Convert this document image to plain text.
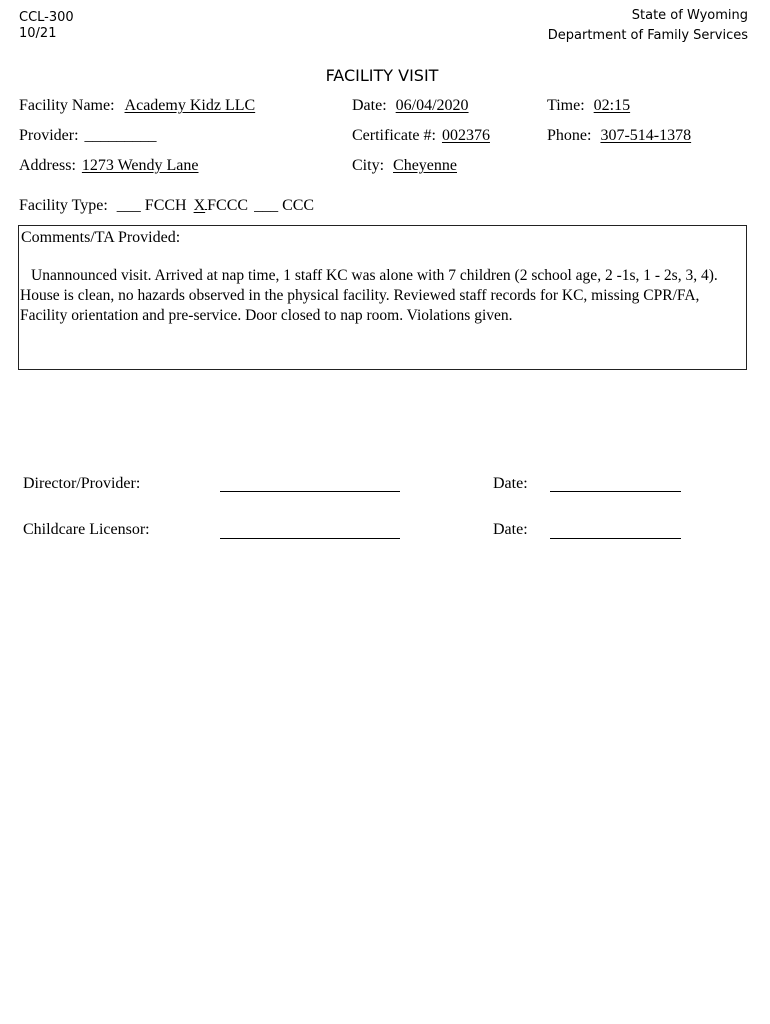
CCL-300
10/21
State of Wyoming
Department of Family Services
FACILITY VISIT
Facility Name: Academy Kidz LLC	Date: 06/04/2020	Time: 02:15
Provider: _________	Certificate #: 002376	Phone: 307-514-1378
Address: 1273 Wendy Lane	City: Cheyenne
Facility Type: ___ FCCH X FCCC ___ CCC
Comments/TA Provided:
Unannounced visit. Arrived at nap time, 1 staff KC was alone with 7 children (2 school age, 2 -1s, 1 - 2s, 3, 4). House is clean, no hazards observed in the physical facility. Reviewed staff records for KC, missing CPR/FA, Facility orientation and pre-service. Door closed to nap room. Violations given.
Director/Provider:	Date:
Childcare Licensor:	Date:
